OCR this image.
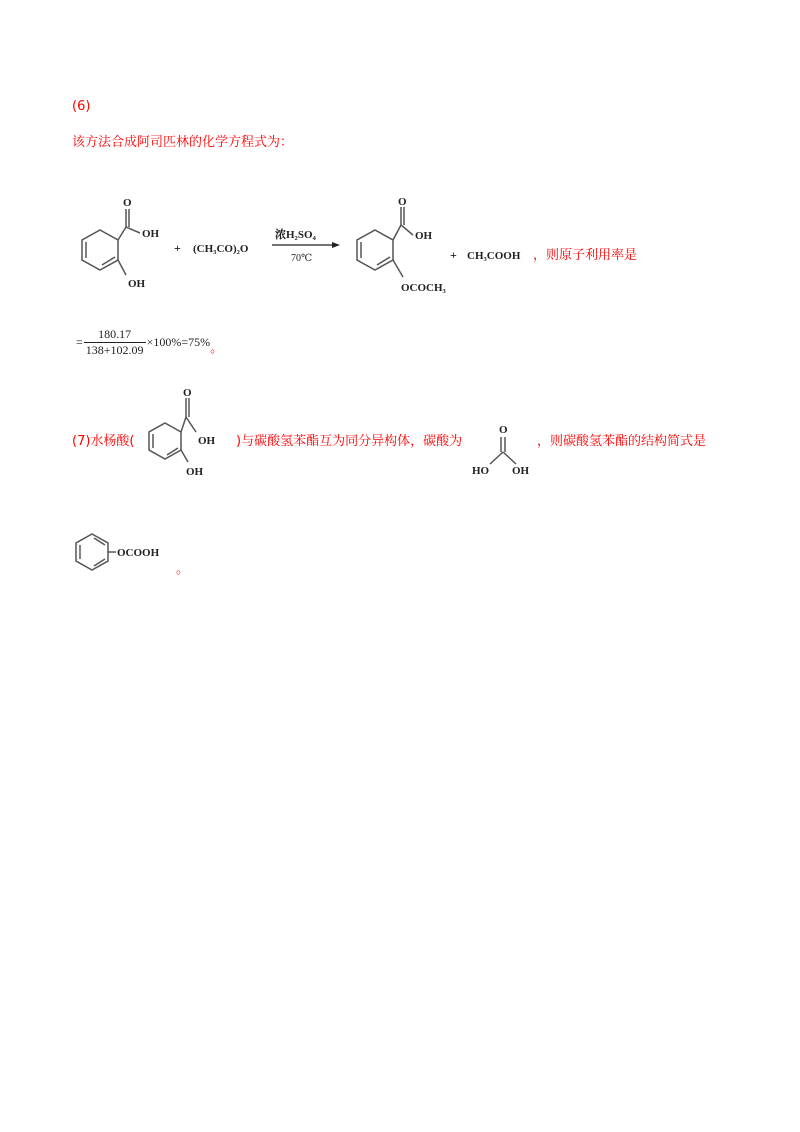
(6)
该方法合成阿司匹林的化学方程式为：
O
OH
OH
+ (CH₃CO)₂O
浓H₂SO₄
70℃
O
OH
OCOCH₃
+ CH₃COOH ，则原子利用率是
=
180.17
138+102.09
×100%=75% 。
(7)水杨酸(
O
OH
OH
)与碳酸氢苯酯互为同分异构体，碳酸为
O
HO OH
，则碳酸氢苯酯的结构简式是
OCOOH
。
